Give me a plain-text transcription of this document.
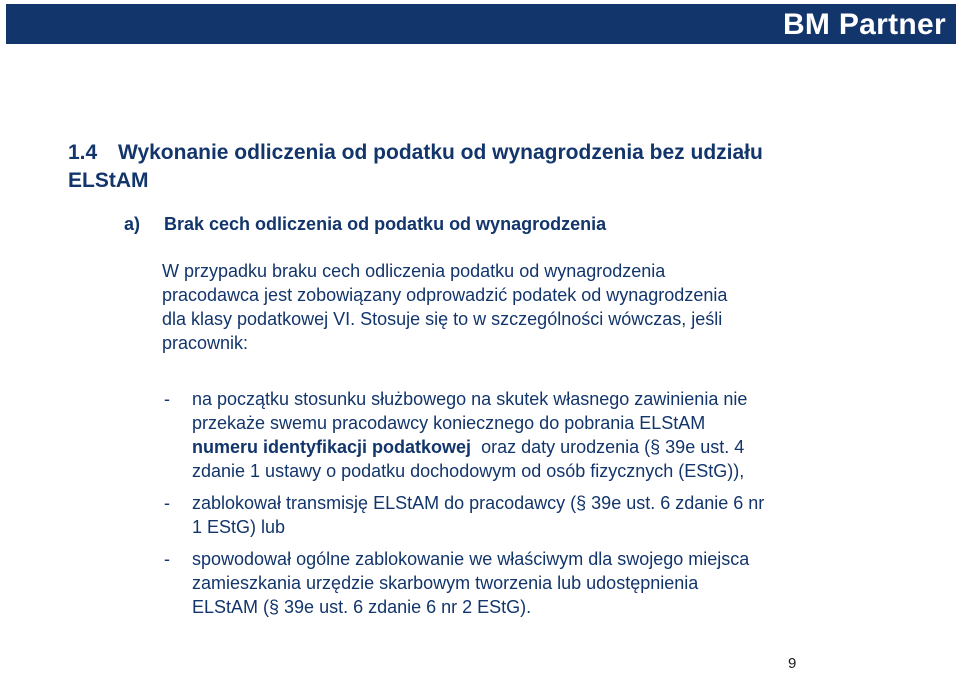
BM Partner
1.4 Wykonanie odliczenia od podatku od wynagrodzenia bez udziału
ELStAM
a) Brak cech odliczenia od podatku od wynagrodzenia
W przypadku braku cech odliczenia podatku od wynagrodzenia
pracodawca jest zobowiązany odprowadzić podatek od wynagrodzenia
dla klasy podatkowej VI. Stosuje się to w szczególności wówczas, jeśli
pracownik:
- na początku stosunku służbowego na skutek własnego zawinienia nie
przekaże swemu pracodawcy koniecznego do pobrania ELStAM
numeru identyfikacji podatkowej  oraz daty urodzenia (§ 39e ust. 4
zdanie 1 ustawy o podatku dochodowym od osób fizycznych (EStG)),
- zablokował transmisję ELStAM do pracodawcy (§ 39e ust. 6 zdanie 6 nr
1 EStG) lub
- spowodował ogólne zablokowanie we właściwym dla swojego miejsca
zamieszkania urzędzie skarbowym tworzenia lub udostępnienia
ELStAM (§ 39e ust. 6 zdanie 6 nr 2 EStG).
9
